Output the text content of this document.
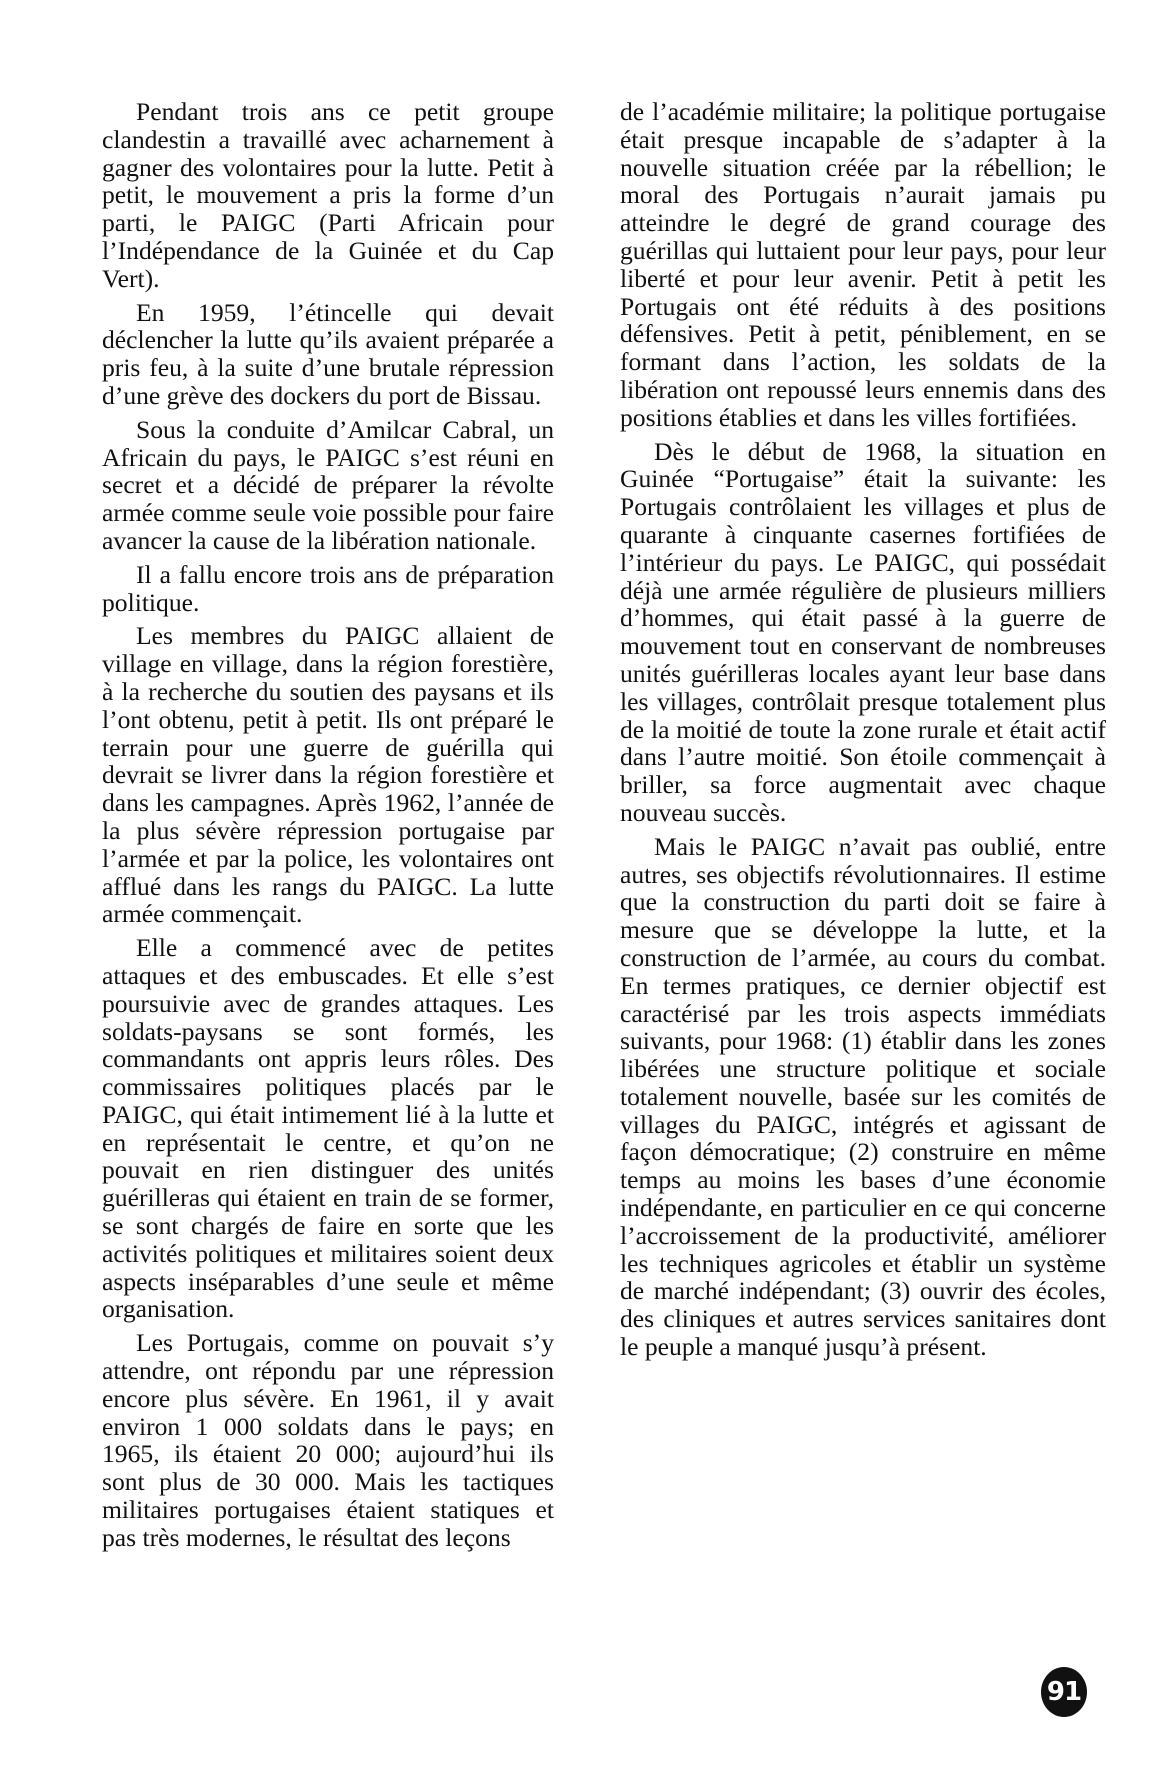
Pendant trois ans ce petit groupe clandestin a travaillé avec acharnement à gagner des volontaires pour la lutte. Petit à petit, le mouvement a pris la forme d’un parti, le PAIGC (Parti Africain pour l’Indépendance de la Guinée et du Cap Vert).

En 1959, l’étincelle qui devait déclencher la lutte qu’ils avaient préparée a pris feu, à la suite d’une brutale répression d’une grève des dockers du port de Bissau.

Sous la conduite d’Amilcar Cabral, un Africain du pays, le PAIGC s’est réuni en secret et a décidé de préparer la révolte armée comme seule voie possible pour faire avancer la cause de la libération nationale.

Il a fallu encore trois ans de préparation politique.

Les membres du PAIGC allaient de village en village, dans la région forestière, à la recherche du soutien des paysans et ils l’ont obtenu, petit à petit. Ils ont préparé le terrain pour une guerre de guérilla qui devrait se livrer dans la région forestière et dans les campagnes. Après 1962, l’année de la plus sévère répression portugaise par l’armée et par la police, les volontaires ont afflué dans les rangs du PAIGC. La lutte armée commençait.

Elle a commencé avec de petites attaques et des embuscades. Et elle s’est poursuivie avec de grandes attaques. Les soldats-paysans se sont formés, les commandants ont appris leurs rôles. Des commissaires politiques placés par le PAIGC, qui était intimement lié à la lutte et en représentait le centre, et qu’on ne pouvait en rien distinguer des unités guérilleras qui étaient en train de se former, se sont chargés de faire en sorte que les activités politiques et militaires soient deux aspects inséparables d’une seule et même organisation.

Les Portugais, comme on pouvait s’y attendre, ont répondu par une répression encore plus sévère. En 1961, il y avait environ 1 000 soldats dans le pays; en 1965, ils étaient 20 000; aujourd’hui ils sont plus de 30 000. Mais les tactiques militaires portugaises étaient statiques et pas très modernes, le résultat des leçons

de l’académie militaire; la politique portugaise était presque incapable de s’adapter à la nouvelle situation créée par la rébellion; le moral des Portugais n’aurait jamais pu atteindre le degré de grand courage des guérillas qui luttaient pour leur pays, pour leur liberté et pour leur avenir. Petit à petit les Portugais ont été réduits à des positions défensives. Petit à petit, péniblement, en se formant dans l’action, les soldats de la libération ont repoussé leurs ennemis dans des positions établies et dans les villes fortifiées.

Dès le début de 1968, la situation en Guinée “Portugaise” était la suivante: les Portugais contrôlaient les villages et plus de quarante à cinquante casernes fortifiées de l’intérieur du pays. Le PAIGC, qui possédait déjà une armée régulière de plusieurs milliers d’hommes, qui était passé à la guerre de mouvement tout en conservant de nombreuses unités guérilleras locales ayant leur base dans les villages, contrôlait presque totalement plus de la moitié de toute la zone rurale et était actif dans l’autre moitié. Son étoile commençait à briller, sa force augmentait avec chaque nouveau succès.

Mais le PAIGC n’avait pas oublié, entre autres, ses objectifs révolutionnaires. Il estime que la construction du parti doit se faire à mesure que se développe la lutte, et la construction de l’armée, au cours du combat. En termes pratiques, ce dernier objectif est caractérisé par les trois aspects immédiats suivants, pour 1968: (1) établir dans les zones libérées une structure politique et sociale totalement nouvelle, basée sur les comités de villages du PAIGC, intégrés et agissant de façon démocratique; (2) construire en même temps au moins les bases d’une économie indépendante, en particulier en ce qui concerne l’accroissement de la productivité, améliorer les techniques agricoles et établir un système de marché indépendant; (3) ouvrir des écoles, des cliniques et autres services sanitaires dont le peuple a manqué jusqu’à présent.

91
